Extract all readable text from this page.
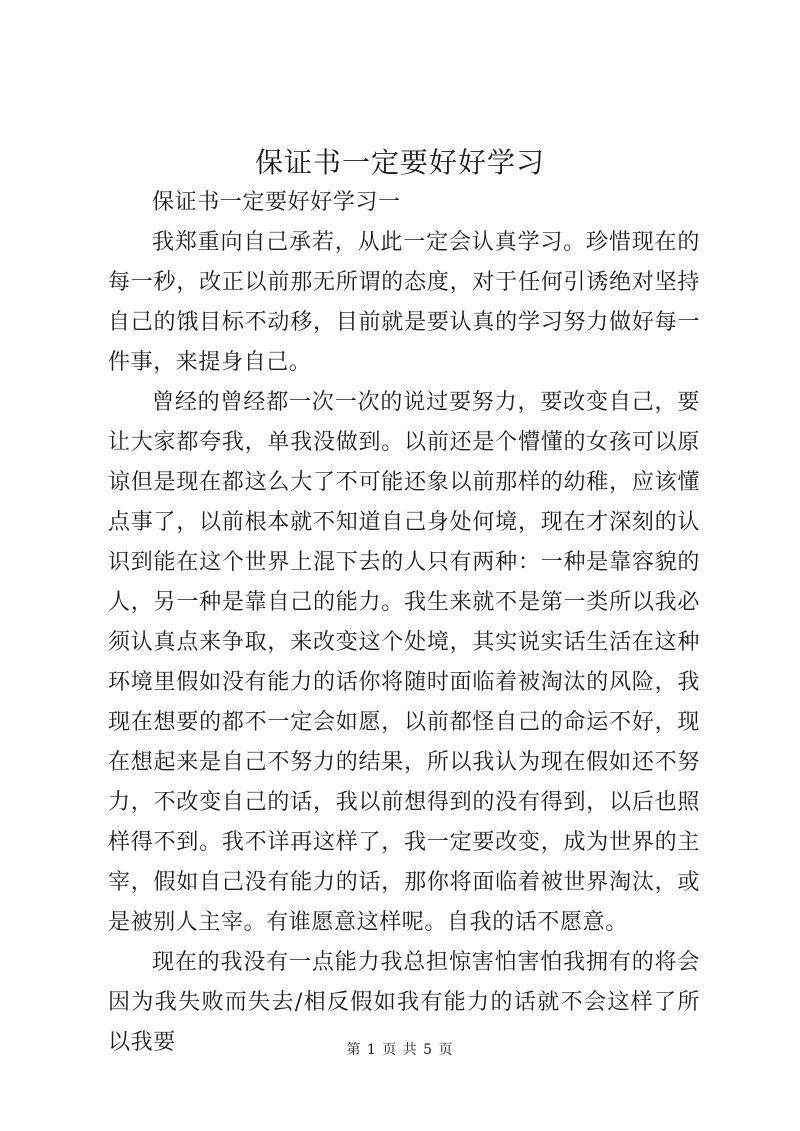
保证书一定要好好学习

保证书一定要好好学习一

我郑重向自己承若，从此一定会认真学习。珍惜现在的每一秒，改正以前那无所谓的态度，对于任何引诱绝对坚持自己的饿目标不动移，目前就是要认真的学习努力做好每一件事，来提身自己。

曾经的曾经都一次一次的说过要努力，要改变自己，要让大家都夸我，单我没做到。以前还是个懵懂的女孩可以原谅但是现在都这么大了不可能还象以前那样的幼稚，应该懂点事了，以前根本就不知道自己身处何境，现在才深刻的认识到能在这个世界上混下去的人只有两种：一种是靠容貌的人，另一种是靠自己的能力。我生来就不是第一类所以我必须认真点来争取，来改变这个处境，其实说实话生活在这种环境里假如没有能力的话你将随时面临着被淘汰的风险，我现在想要的都不一定会如愿，以前都怪自己的命运不好，现在想起来是自己不努力的结果，所以我认为现在假如还不努力，不改变自己的话，我以前想得到的没有得到，以后也照样得不到。我不详再这样了，我一定要改变，成为世界的主宰，假如自己没有能力的话，那你将面临着被世界淘汰，或是被别人主宰。有谁愿意这样呢。自我的话不愿意。

现在的我没有一点能力我总担惊害怕害怕我拥有的将会因为我失败而失去/相反假如我有能力的话就不会这样了所以我要	第 1 页 共 5 页
